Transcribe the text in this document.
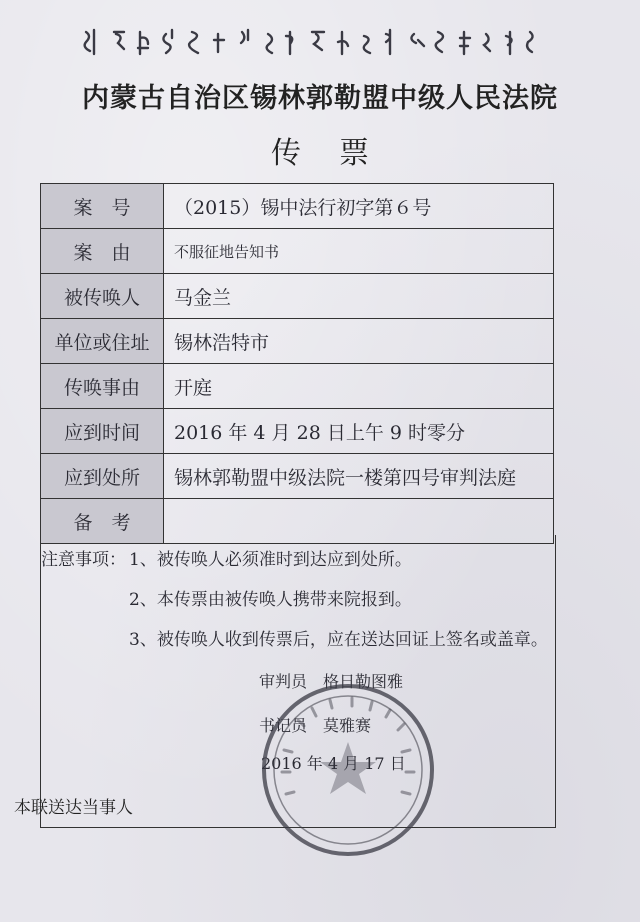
内蒙古自治区锡林郭勒盟中级人民法院
传票
案　号	（2015）锡中法行初字第６号
案　由	不服征地告知书
被传唤人	马金兰
单位或住址	锡林浩特市
传唤事由	开庭
应到时间	2016 年 4 月 28 日上午 9 时零分
应到处所	锡林郭勒盟中级法院一楼第四号审判法庭
备　考	
注意事项： 1、被传唤人必须准时到达应到处所。
2、本传票由被传唤人携带来院报到。
3、被传唤人收到传票后，应在送达回证上签名或盖章。
审判员　格日勒图雅
书记员　莫雅赛
2016 年 4 月 17 日
本联送达当事人
